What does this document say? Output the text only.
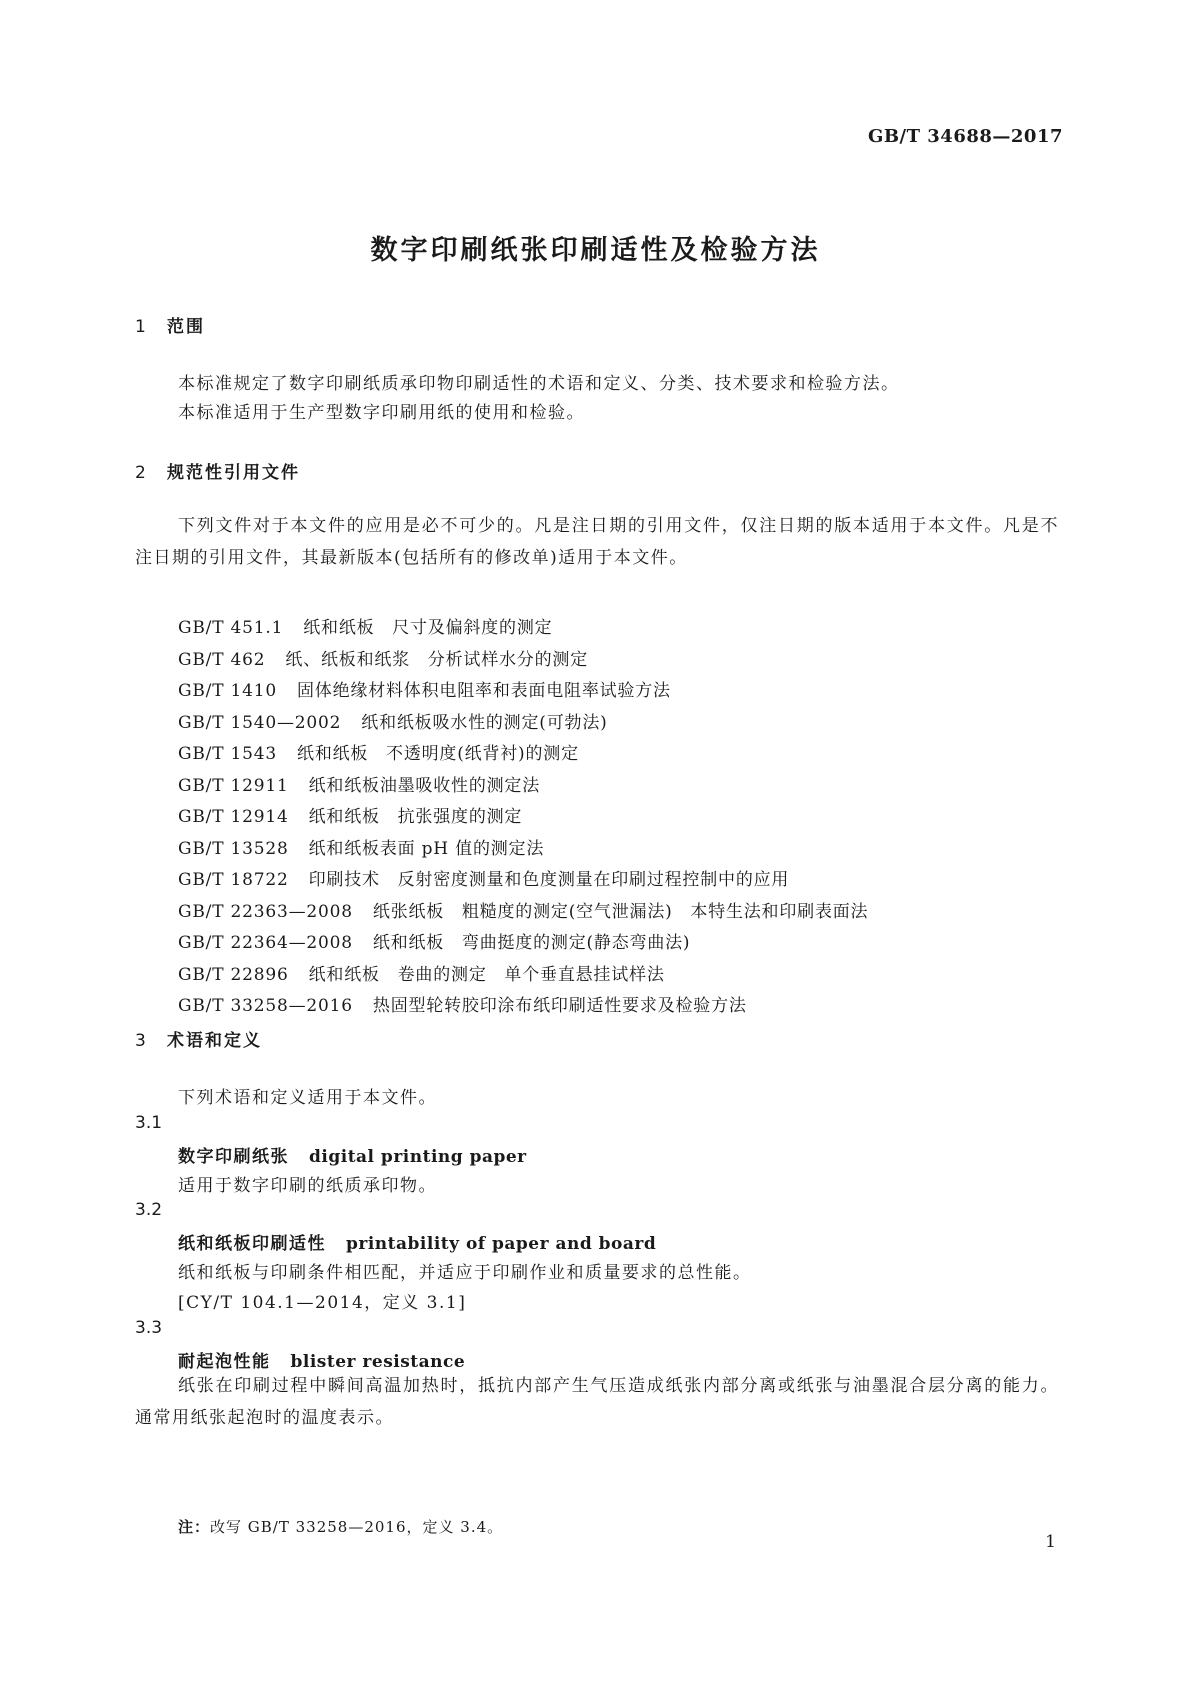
GB/T 34688—2017
数字印刷纸张印刷适性及检验方法
1 范围
本标准规定了数字印刷纸质承印物印刷适性的术语和定义、分类、技术要求和检验方法。
本标准适用于生产型数字印刷用纸的使用和检验。
2 规范性引用文件
下列文件对于本文件的应用是必不可少的。凡是注日期的引用文件，仅注日期的版本适用于本文件。凡是不注日期的引用文件，其最新版本(包括所有的修改单)适用于本文件。
GB/T 451.1 纸和纸板　尺寸及偏斜度的测定
GB/T 462 纸、纸板和纸浆　分析试样水分的测定
GB/T 1410 固体绝缘材料体积电阻率和表面电阻率试验方法
GB/T 1540—2002 纸和纸板吸水性的测定(可勃法)
GB/T 1543 纸和纸板　不透明度(纸背衬)的测定
GB/T 12911 纸和纸板油墨吸收性的测定法
GB/T 12914 纸和纸板　抗张强度的测定
GB/T 13528 纸和纸板表面 pH 值的测定法
GB/T 18722 印刷技术　反射密度测量和色度测量在印刷过程控制中的应用
GB/T 22363—2008 纸张纸板　粗糙度的测定(空气泄漏法)　本特生法和印刷表面法
GB/T 22364—2008 纸和纸板　弯曲挺度的测定(静态弯曲法)
GB/T 22896 纸和纸板　卷曲的测定　单个垂直悬挂试样法
GB/T 33258—2016 热固型轮转胶印涂布纸印刷适性要求及检验方法
3 术语和定义
下列术语和定义适用于本文件。
3.1
数字印刷纸张 digital printing paper
适用于数字印刷的纸质承印物。
3.2
纸和纸板印刷适性 printability of paper and board
纸和纸板与印刷条件相匹配，并适应于印刷作业和质量要求的总性能。
[CY/T 104.1—2014，定义 3.1]
3.3
耐起泡性能 blister resistance
纸张在印刷过程中瞬间高温加热时，抵抗内部产生气压造成纸张内部分离或纸张与油墨混合层分离的能力。通常用纸张起泡时的温度表示。
注：改写 GB/T 33258—2016，定义 3.4。
1
